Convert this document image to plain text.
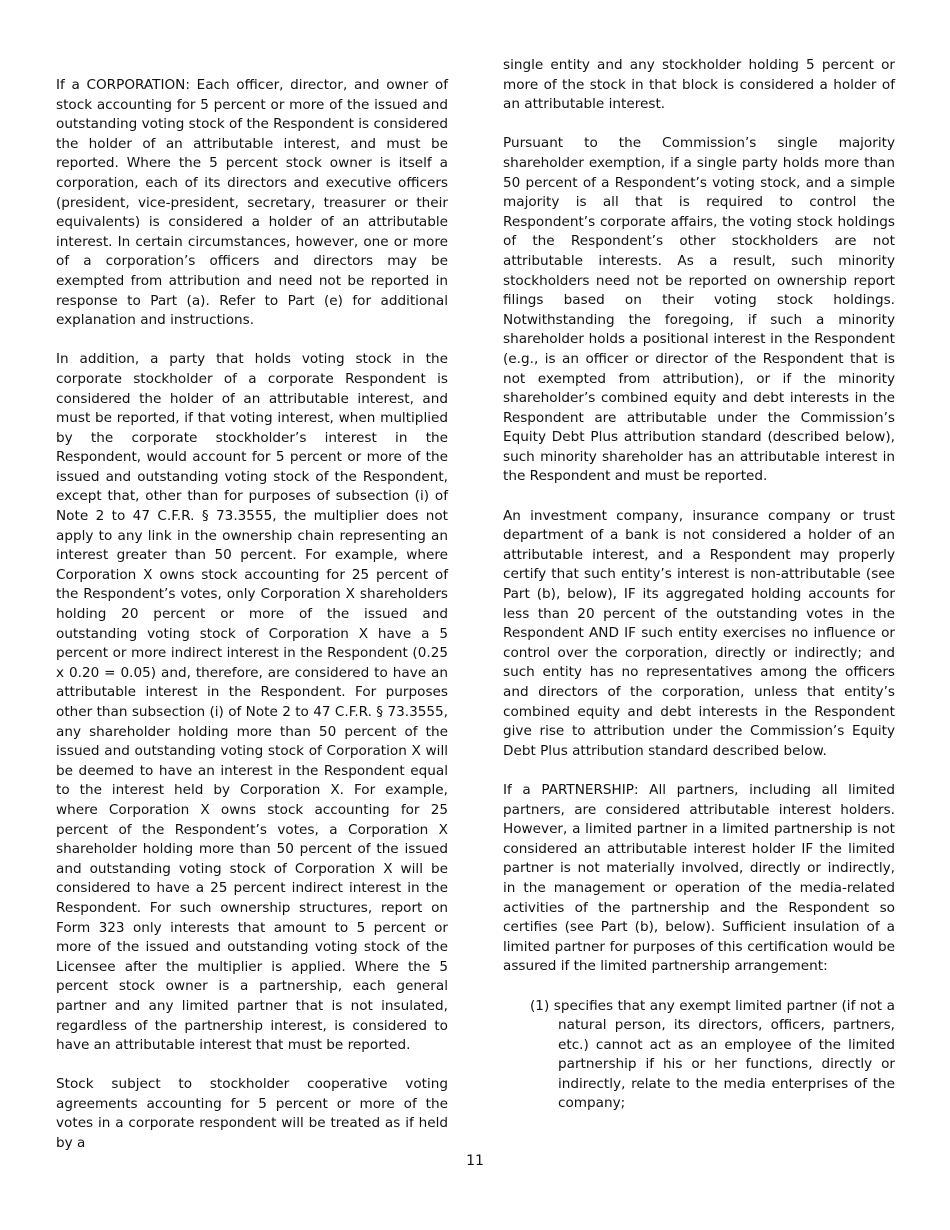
If a CORPORATION: Each officer, director, and owner of stock accounting for 5 percent or more of the issued and outstanding voting stock of the Respondent is considered the holder of an attributable interest, and must be reported. Where the 5 percent stock owner is itself a corporation, each of its directors and executive officers (president, vice-president, secretary, treasurer or their equivalents) is considered a holder of an attributable interest. In certain circumstances, however, one or more of a corporation’s officers and directors may be exempted from attribution and need not be reported in response to Part (a). Refer to Part (e) for additional explanation and instructions.

In addition, a party that holds voting stock in the corporate stockholder of a corporate Respondent is considered the holder of an attributable interest, and must be reported, if that voting interest, when multiplied by the corporate stockholder’s interest in the Respondent, would account for 5 percent or more of the issued and outstanding voting stock of the Respondent, except that, other than for purposes of subsection (i) of Note 2 to 47 C.F.R. § 73.3555, the multiplier does not apply to any link in the ownership chain representing an interest greater than 50 percent. For example, where Corporation X owns stock accounting for 25 percent of the Respondent’s votes, only Corporation X shareholders holding 20 percent or more of the issued and outstanding voting stock of Corporation X have a 5 percent or more indirect interest in the Respondent (0.25 x 0.20 = 0.05) and, therefore, are considered to have an attributable interest in the Respondent. For purposes other than subsection (i) of Note 2 to 47 C.F.R. § 73.3555, any shareholder holding more than 50 percent of the issued and outstanding voting stock of Corporation X will be deemed to have an interest in the Respondent equal to the interest held by Corporation X. For example, where Corporation X owns stock accounting for 25 percent of the Respondent’s votes, a Corporation X shareholder holding more than 50 percent of the issued and outstanding voting stock of Corporation X will be considered to have a 25 percent indirect interest in the Respondent. For such ownership structures, report on Form 323 only interests that amount to 5 percent or more of the issued and outstanding voting stock of the Licensee after the multiplier is applied. Where the 5 percent stock owner is a partnership, each general partner and any limited partner that is not insulated, regardless of the partnership interest, is considered to have an attributable interest that must be reported.

Stock subject to stockholder cooperative voting agreements accounting for 5 percent or more of the votes in a corporate respondent will be treated as if held by a

single entity and any stockholder holding 5 percent or more of the stock in that block is considered a holder of an attributable interest.

Pursuant to the Commission’s single majority shareholder exemption, if a single party holds more than 50 percent of a Respondent’s voting stock, and a simple majority is all that is required to control the Respondent’s corporate affairs, the voting stock holdings of the Respondent’s other stockholders are not attributable interests. As a result, such minority stockholders need not be reported on ownership report filings based on their voting stock holdings. Notwithstanding the foregoing, if such a minority shareholder holds a positional interest in the Respondent (e.g., is an officer or director of the Respondent that is not exempted from attribution), or if the minority shareholder’s combined equity and debt interests in the Respondent are attributable under the Commission’s Equity Debt Plus attribution standard (described below), such minority shareholder has an attributable interest in the Respondent and must be reported.

An investment company, insurance company or trust department of a bank is not considered a holder of an attributable interest, and a Respondent may properly certify that such entity’s interest is non-attributable (see Part (b), below), IF its aggregated holding accounts for less than 20 percent of the outstanding votes in the Respondent AND IF such entity exercises no influence or control over the corporation, directly or indirectly; and such entity has no representatives among the officers and directors of the corporation, unless that entity’s combined equity and debt interests in the Respondent give rise to attribution under the Commission’s Equity Debt Plus attribution standard described below.

If a PARTNERSHIP: All partners, including all limited partners, are considered attributable interest holders. However, a limited partner in a limited partnership is not considered an attributable interest holder IF the limited partner is not materially involved, directly or indirectly, in the management or operation of the media-related activities of the partnership and the Respondent so certifies (see Part (b), below). Sufficient insulation of a limited partner for purposes of this certification would be assured if the limited partnership arrangement:

(1) specifies that any exempt limited partner (if not a natural person, its directors, officers, partners, etc.) cannot act as an employee of the limited partnership if his or her functions, directly or indirectly, relate to the media enterprises of the company;
11
